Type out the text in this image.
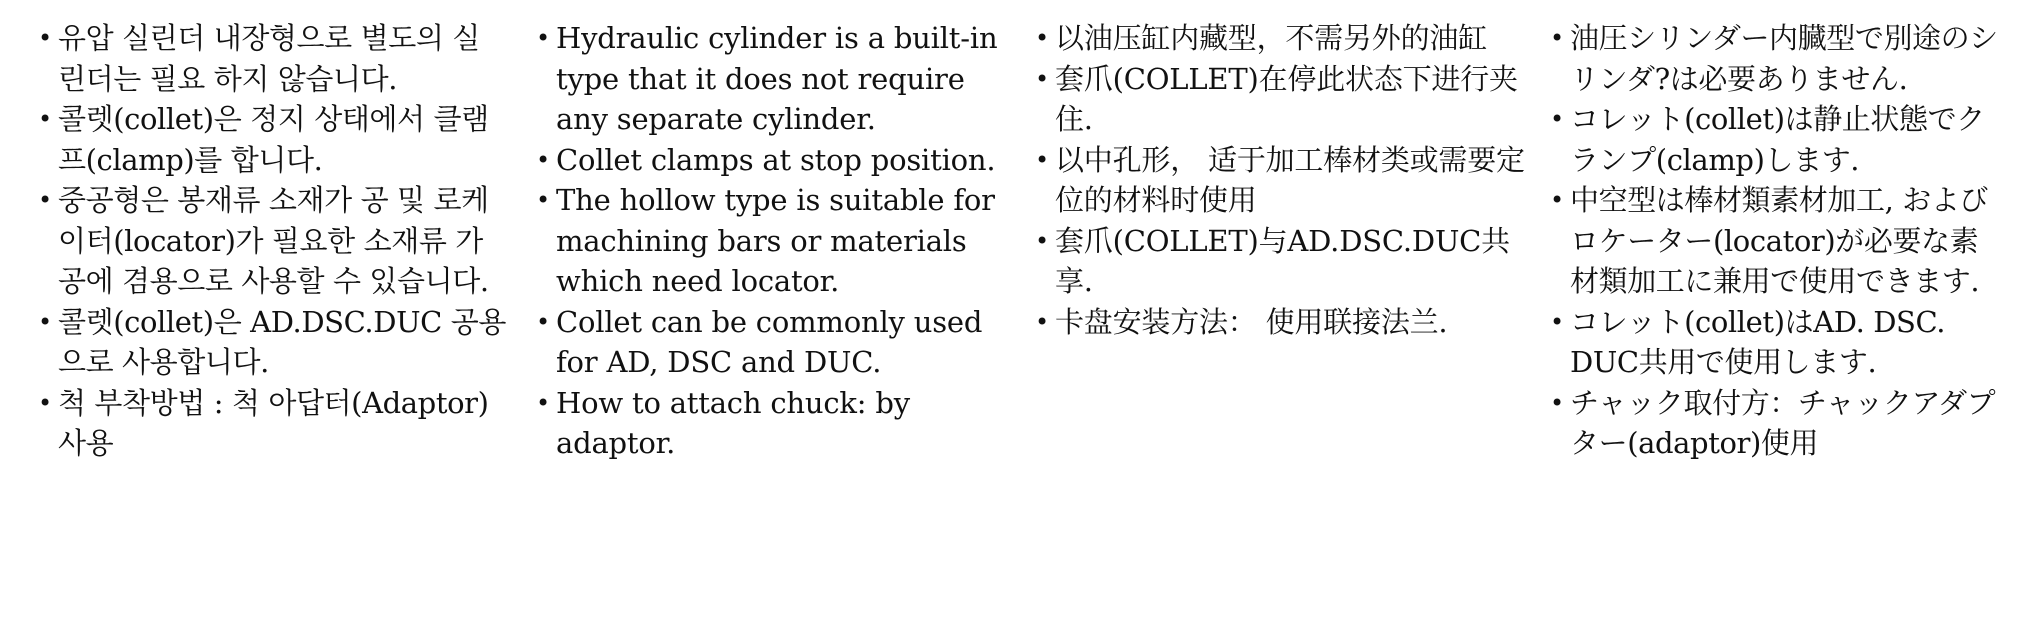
• 유압 실린더 내장형으로 별도의 실린더는 필요 하지 않습니다.
• 콜렛(collet)은 정지 상태에서 클램프(clamp)를 합니다.
• 중공형은 봉재류 소재가 공 및 로케이터(locator)가 필요한 소재류 가공에 겸용으로 사용할 수 있습니다.
• 콜렛(collet)은 AD.DSC.DUC 공용으로 사용합니다.
• 척 부착방법 : 척 아답터(Adaptor)사용
• Hydraulic cylinder is a built-in type that it does not require any separate cylinder.
• Collet clamps at stop position.
• The hollow type is suitable for machining bars or materials which need locator.
• Collet can be commonly used for AD, DSC and DUC.
• How to attach chuck: by adaptor.
• 以油压缸内藏型，不需另外的油缸
• 套爪(COLLET)在停此状态下进行夹住.
• 以中孔形， 适于加工棒材类或需要定位的材料时使用
• 套爪(COLLET)与AD.DSC.DUC共享.
• 卡盘安装方法： 使用联接法兰.
• 油圧シリンダー内臓型で別途のシリンダ?は必要ありません.
• コレット(collet)は静止状態でクランプ(clamp)します.
• 中空型は棒材類素材加工, およびロケーター(locator)が必要な素材類加工に兼用で使用できます.
• コレット(collet)はAD. DSC. DUC共用で使用します.
• チャック取付方：チャックアダプター(adaptor)使用
